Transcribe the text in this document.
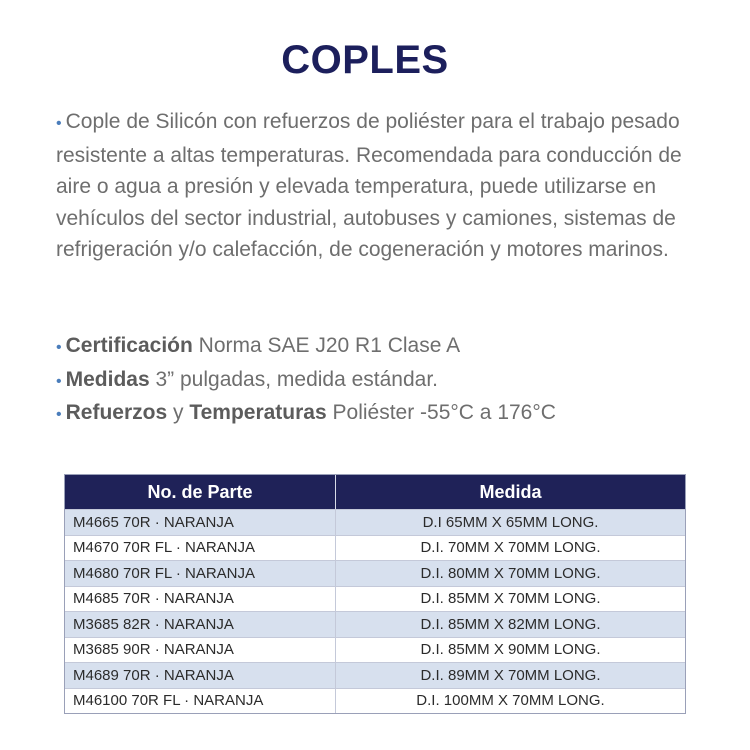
COPLES
• Cople de Silicón con refuerzos de poliéster para el trabajo pesado resistente a altas temperaturas. Recomendada para conducción de aire o agua a presión y elevada temperatura, puede utilizarse en vehículos del sector industrial, autobuses y camiones, sistemas de refrigeración y/o calefacción, de cogeneración y motores marinos.
• Certificación Norma SAE J20 R1 Clase A
• Medidas 3” pulgadas, medida estándar.
• Refuerzos y Temperaturas Poliéster -55°C a 176°C
No. de Parte	Medida
M4665 70R · NARANJA	D.I 65MM X 65MM LONG.
M4670 70R FL · NARANJA	D.I. 70MM X 70MM LONG.
M4680 70R FL · NARANJA	D.I. 80MM X 70MM LONG.
M4685 70R · NARANJA	D.I. 85MM X 70MM LONG.
M3685 82R · NARANJA	D.I. 85MM X 82MM LONG.
M3685 90R · NARANJA	D.I. 85MM X 90MM LONG.
M4689 70R · NARANJA	D.I. 89MM X 70MM LONG.
M46100 70R FL · NARANJA	D.I. 100MM X 70MM LONG.
